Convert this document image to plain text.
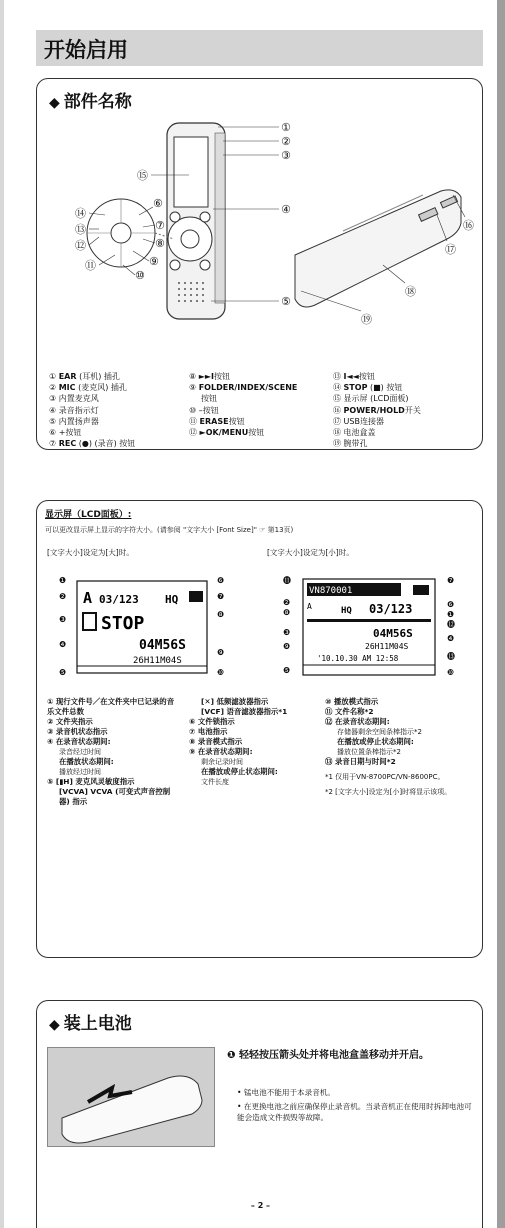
开始启用
◆ 部件名称
①
②
③
④
⑤
⑥
⑦
⑧
⑨
⑩
⑪
⑫
⑬
⑭
⑮
⑯
⑰
⑱
⑲
① EAR (耳机) 插孔
② MIC (麦克风) 插孔
③ 内置麦克风
④ 录音指示灯
⑤ 内置扬声器
⑥ +按钮
⑦ REC (●) (录音) 按钮
⑧ ►►I按钮
⑨ FOLDER/INDEX/SCENE
按钮
⑩ –按钮
⑪ ERASE按钮
⑫ ►OK/MENU按钮
⑬ I◄◄按钮
⑭ STOP (■) 按钮
⑮ 显示屏 (LCD面板)
⑯ POWER/HOLD开关
⑰ USB连接器
⑱ 电池盒盖
⑲ 腕带孔
显示屏（LCD面板）:
可以更改显示屏上显示的字符大小。(请参阅 "文字大小 [Font Size]" ☞ 第13页)
[文字大小]设定为[大]时。	[文字大小]设定为[小]时。
A 03/123 HQ
STOP
04M56S
26H11M04S
❶
❷
❸
❹
❺
❻
❼
❽
❾
❿
VN870001
A	HQ 03/123
04M56S
26H11M04S
'10.10.30 AM 12:58
⓫
❷
❽
❸
❾
❺
❼
❻
❶
⓬
❹
⓭
❿
① 现行文件号／在文件夹中已记录的音乐文件总数
② 文件夹指示
③ 录音机状态指示
④ 在录音状态期间:
录音经过时间
在播放状态期间:
播放经过时间
⑤ [▮H] 麦克风灵敏度指示
[VCVA] VCVA (可变式声音控制器) 指示
[✕] 低频滤波器指示
[VCF] 语音滤波器指示*1
⑥ 文件锁指示
⑦ 电池指示
⑧ 录音模式指示
⑨ 在录音状态期间:
剩余记录时间
在播放或停止状态期间:
文件长度
⑩ 播放模式指示
⑪ 文件名称*2
⑫ 在录音状态期间:
存储器剩余空间条棒指示*2
在播放或停止状态期间:
播放位置条棒指示*2
⑬ 录音日期与时间*2
*1 仅用于VN-8700PC/VN-8600PC。
*2 [文字大小]设定为[小]时将显示该项。
◆ 装上电池
❶ 轻轻按压箭头处并将电池盒盖移动并开启。
• 锰电池不能用于本录音机。
• 在更换电池之前应确保停止录音机。当录音机正在使用时拆卸电池可能会造成文件损毁等故障。
– 2 –
